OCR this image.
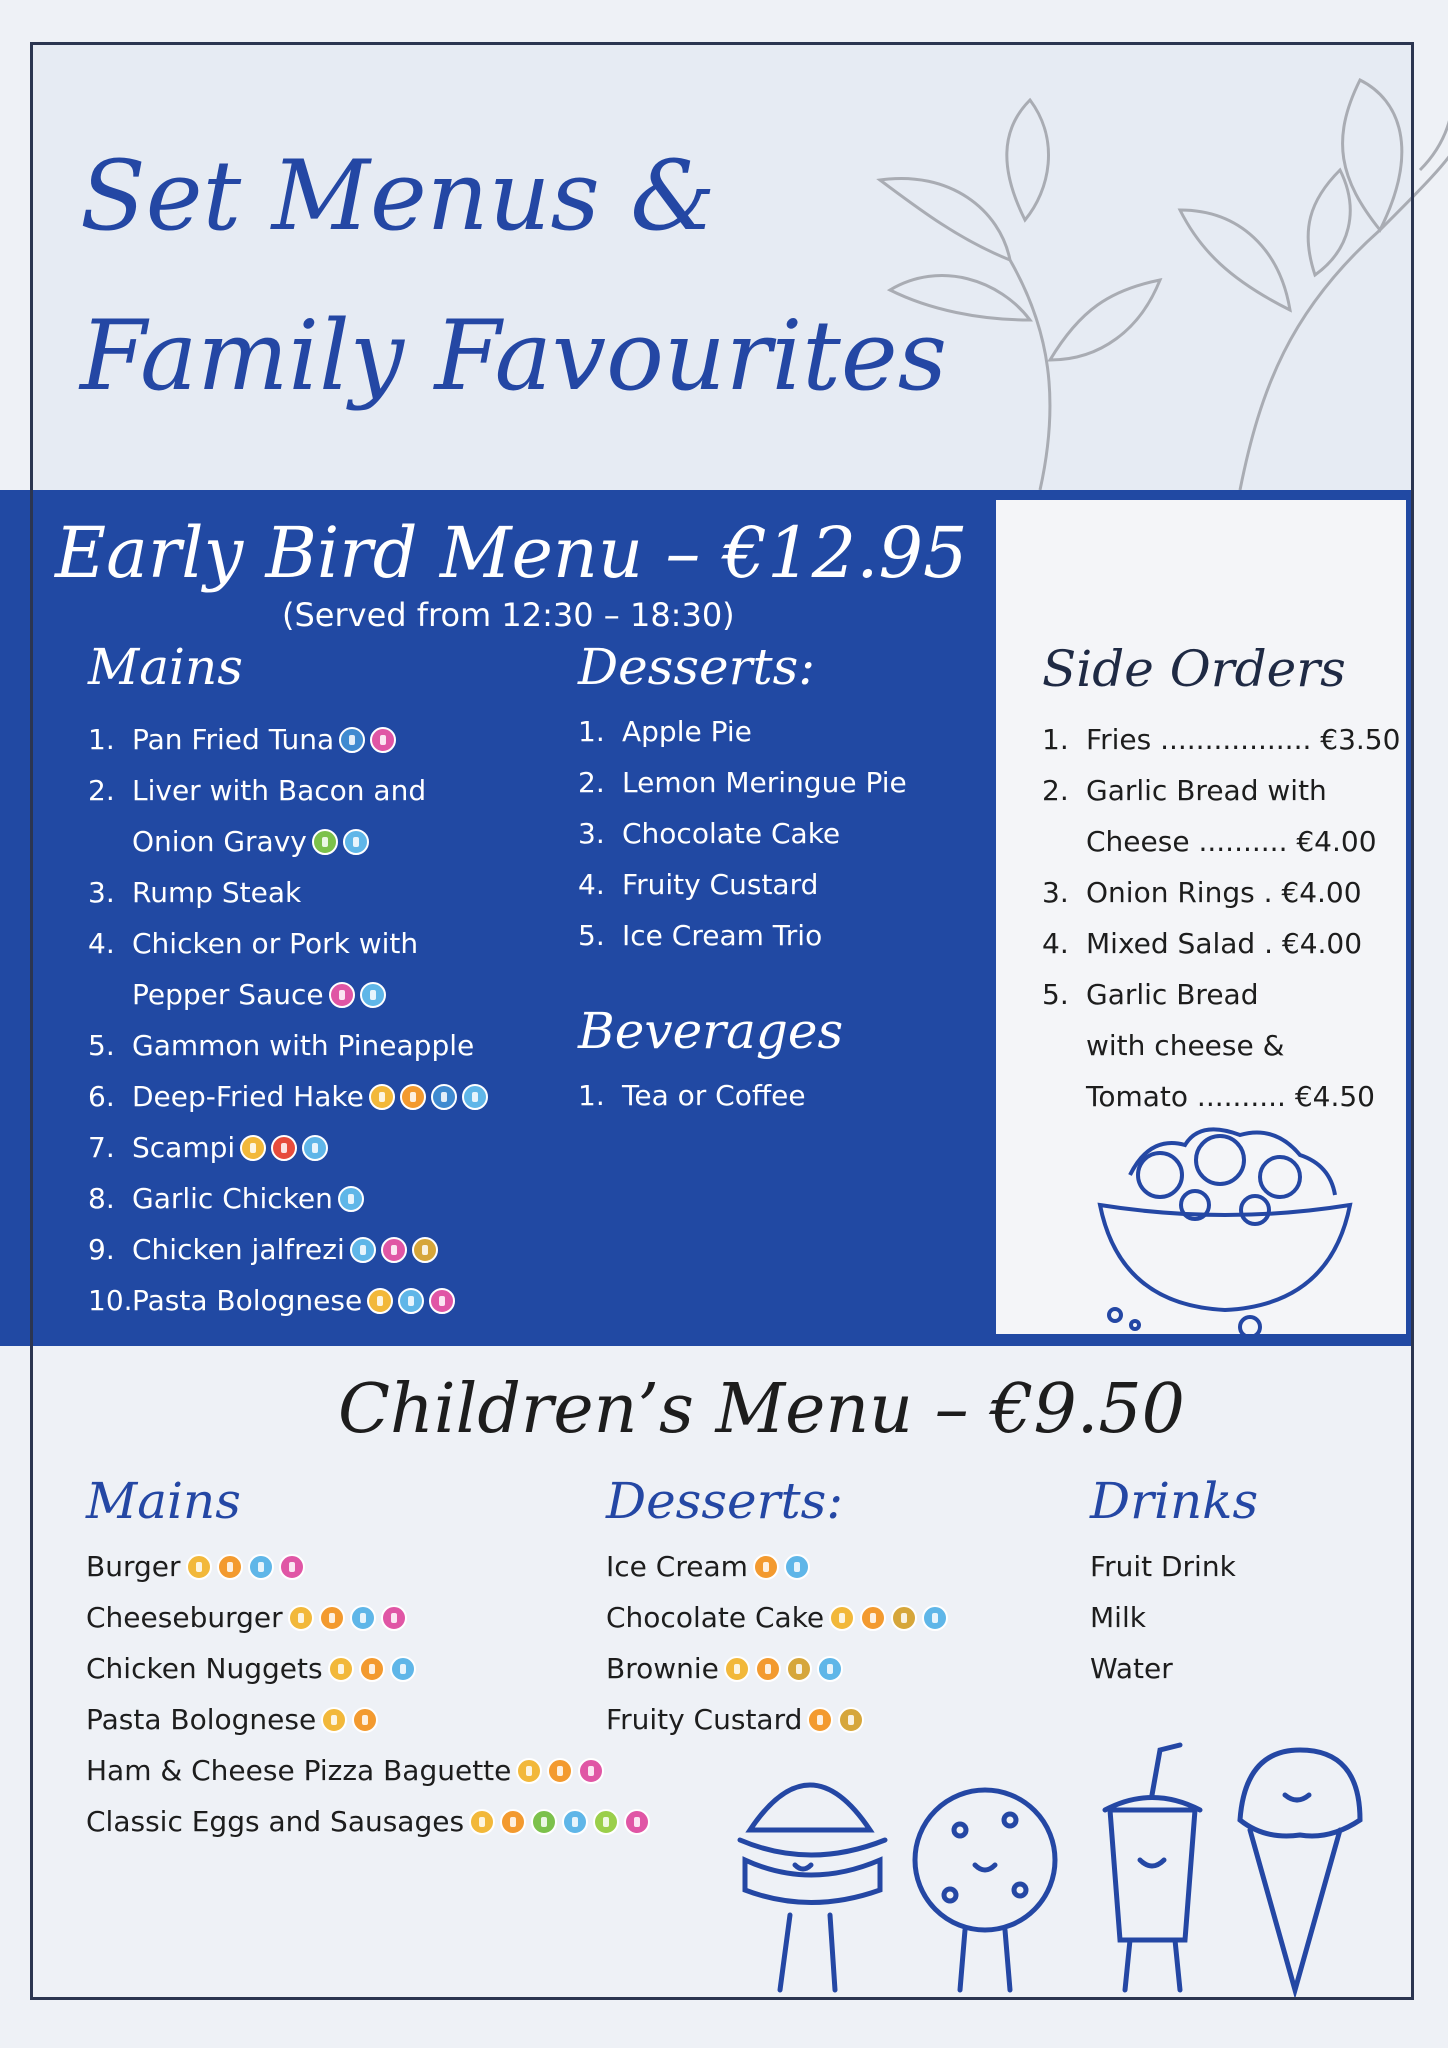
Set Menus &
Family Favourites
Early Bird Menu – €12.95
(Served from 12:30 – 18:30)
Mains
1. Pan Fried Tuna
2. Liver with Bacon and
Onion Gravy
3. Rump Steak
4. Chicken or Pork with
Pepper Sauce
5. Gammon with Pineapple
6. Deep-Fried Hake
7. Scampi
8. Garlic Chicken
9. Chicken jalfrezi
10. Pasta Bolognese
Desserts:
1. Apple Pie
2. Lemon Meringue Pie
3. Chocolate Cake
4. Fruity Custard
5. Ice Cream Trio
Beverages
1. Tea or Coffee
Side Orders
1. Fries ................. €3.50
2. Garlic Bread with
Cheese .......... €4.00
3. Onion Rings . €4.00
4. Mixed Salad . €4.00
5. Garlic Bread
with cheese &
Tomato .......... €4.50
Children’s Menu – €9.50
Mains
Burger
Cheeseburger
Chicken Nuggets
Pasta Bolognese
Ham & Cheese Pizza Baguette
Classic Eggs and Sausages
Desserts:
Ice Cream
Chocolate Cake
Brownie
Fruity Custard
Drinks
Fruit Drink
Milk
Water
